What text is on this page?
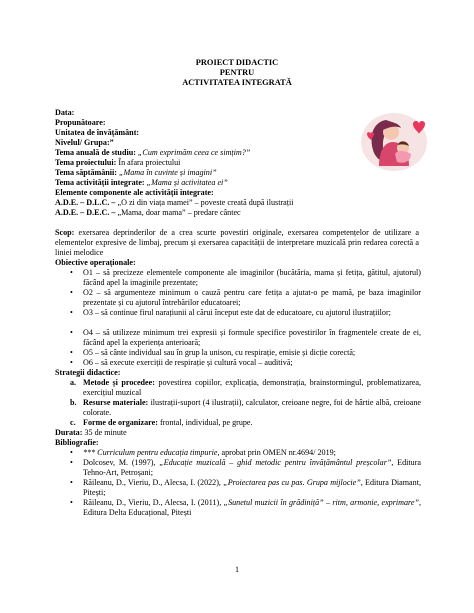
PROIECT DIDACTIC
PENTRU
ACTIVITATEA INTEGRATĂ
Data:
Propunătoare:
Unitatea de învățământ:
Nivelul/ Grupa:”
Tema anuală de studiu: „Cum exprimăm ceea ce simțim?”
Tema proiectului: În afara proiectului
Tema săptămânii: „Mama în cuvinte și imagini”
Tema activității integrate: „Mama și activitatea ei”
Elemente componente ale activității integrate:
A.D.E. – D.L.C. – „O zi din viața mamei” – poveste creată după ilustrații
A.D.E. – D.E.C. – „Mama, doar mama” – predare cântec
Scop: exersarea deprinderilor de a crea scurte povestiri originale, exersarea competențelor de utilizare a elementelor expresive de limbaj, precum și exersarea capacității de interpretare muzicală prin redarea corectă a liniei melodice
Obiective operaționale:
• O1 – să precizeze elementele componente ale imaginilor (bucătăria, mama și fetița, gătitul, ajutorul) făcând apel la imaginile prezentate;
• O2 – să argumenteze minimum o cauză pentru care fetița a ajutat-o pe mamă, pe baza imaginilor prezentate și cu ajutorul întrebărilor educatoarei;
• O3 – să continue firul narațiunii al cărui început este dat de educatoare, cu ajutorul ilustrațiilor;
• O4 – să utilizeze minimum trei expresii și formule specifice povestirilor în fragmentele create de ei, făcând apel la experiența anterioară;
• O5 – să cânte individual sau în grup la unison, cu respirație, emisie și dicție corectă;
• O6 – să execute exerciții de respirație și cultură vocal – auditivă;
Strategii didactice:
a. Metode și procedee: povestirea copiilor, explicația, demonstrația, brainstormingul, problematizarea, exercițiul muzical
b. Resurse materiale: ilustrații-suport (4 ilustrații), calculator, creioane negre, foi de hârtie albă, creioane colorate.
c. Forme de organizare: frontal, individual, pe grupe.
Durata: 35 de minute
Bibliografie:
• *** Curriculum pentru educația timpurie, aprobat prin OMEN nr.4694/ 2019;
• Dolcosev, M. (1997), „Educație muzicală – ghid metodic pentru învățământul preșcolar”, Editura Tehno-Art, Petroșani;
• Răileanu, D., Vieriu, D., Alecsa, I. (2022), „Proiectarea pas cu pas. Grupa mijlocie”, Editura Diamant, Pitești;
• Răileanu, D., Vieriu, D., Alecsa, I. (2011), „Sunetul muzicii în grădiniță” – ritm, armonie, exprimare”, Editura Delta Educațional, Pitești
1
